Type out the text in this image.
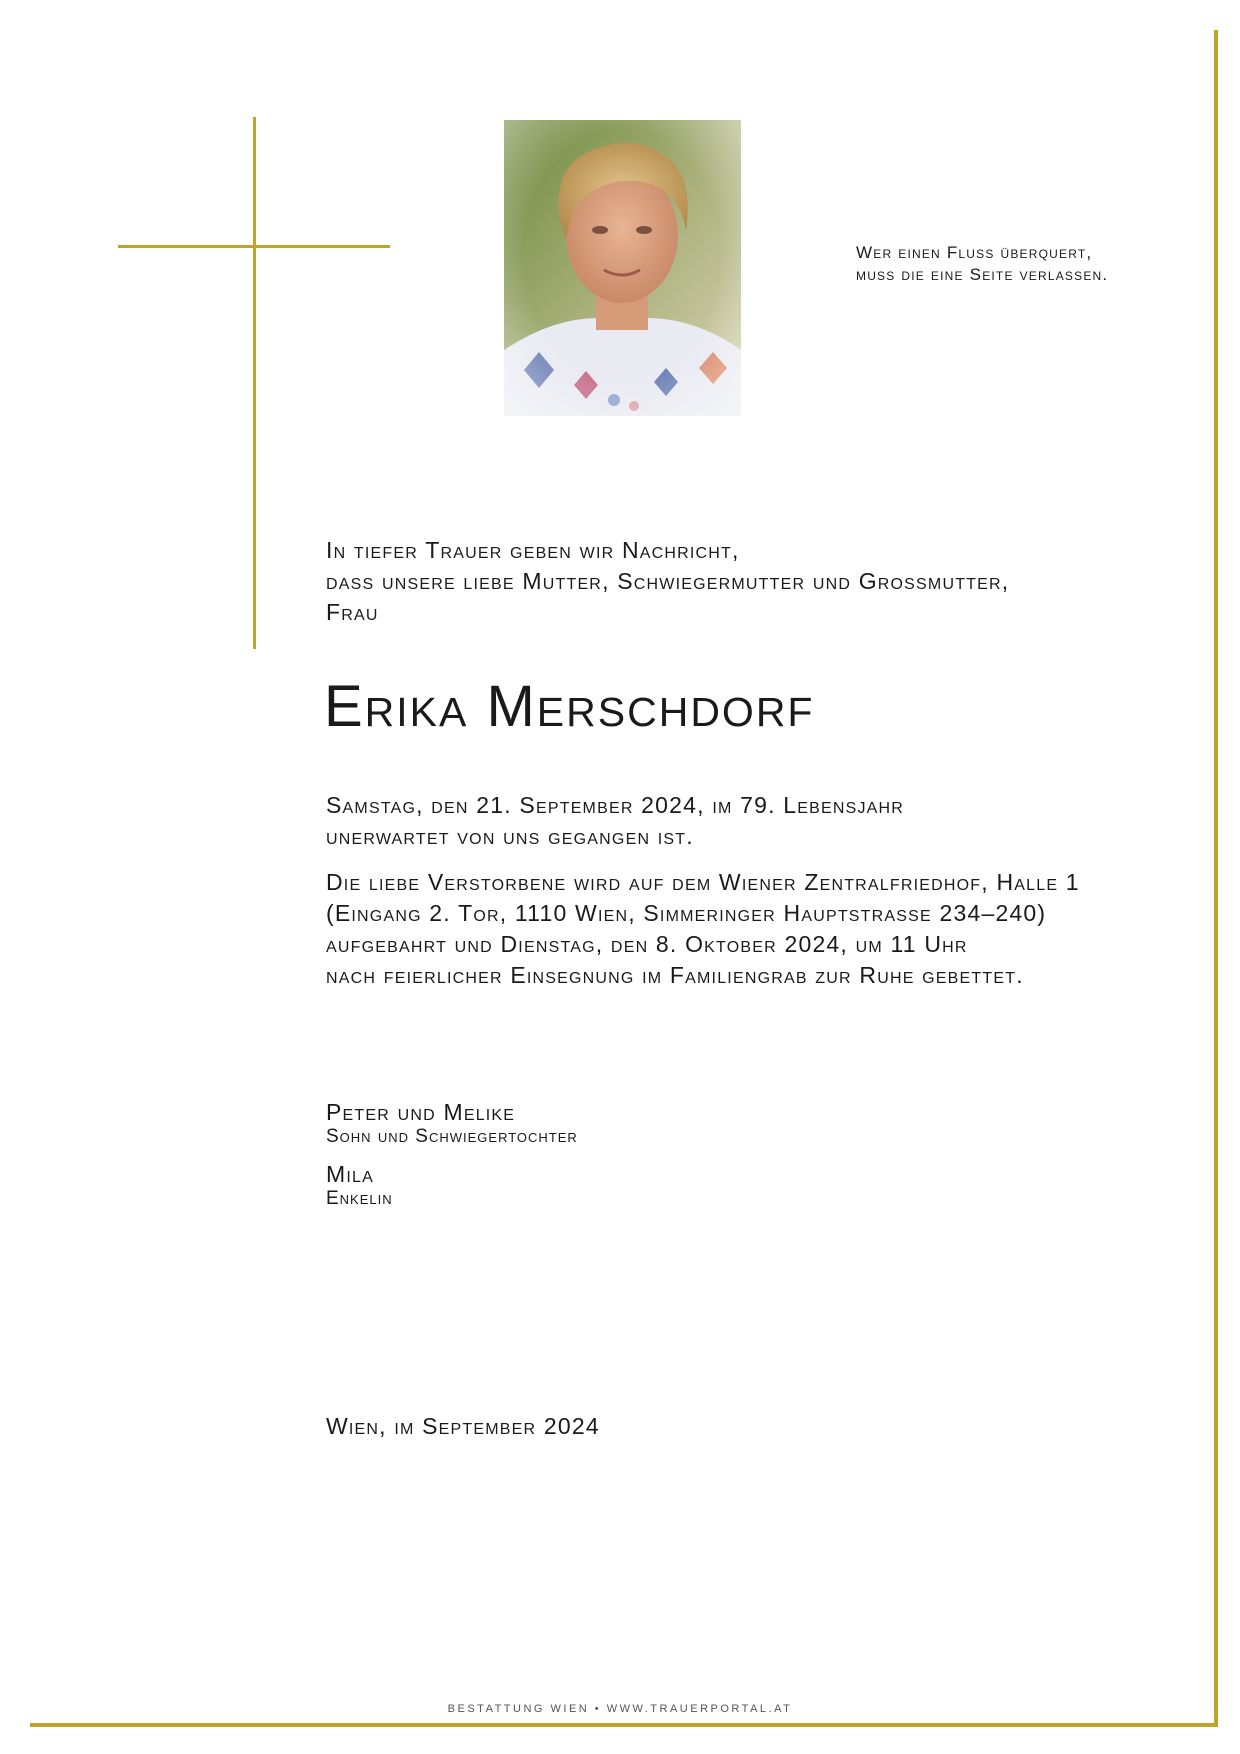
Wer einen Fluss überquert,
muss die eine Seite verlassen.
In tiefer Trauer geben wir Nachricht,
dass unsere liebe Mutter, Schwiegermutter und Grossmutter,
Frau
Erika Merschdorf
Samstag, den 21. September 2024, im 79. Lebensjahr
unerwartet von uns gegangen ist.
Die liebe Verstorbene wird auf dem Wiener Zentralfriedhof, Halle 1
(Eingang 2. Tor, 1110 Wien, Simmeringer Hauptstrasse 234–240)
aufgebahrt und Dienstag, den 8. Oktober 2024, um 11 Uhr
nach feierlicher Einsegnung im Familiengrab zur Ruhe gebettet.
Peter und Melike
Sohn und Schwiegertochter
Mila
Enkelin
Wien, im September 2024
BESTATTUNG WIEN • WWW.TRAUERPORTAL.AT
